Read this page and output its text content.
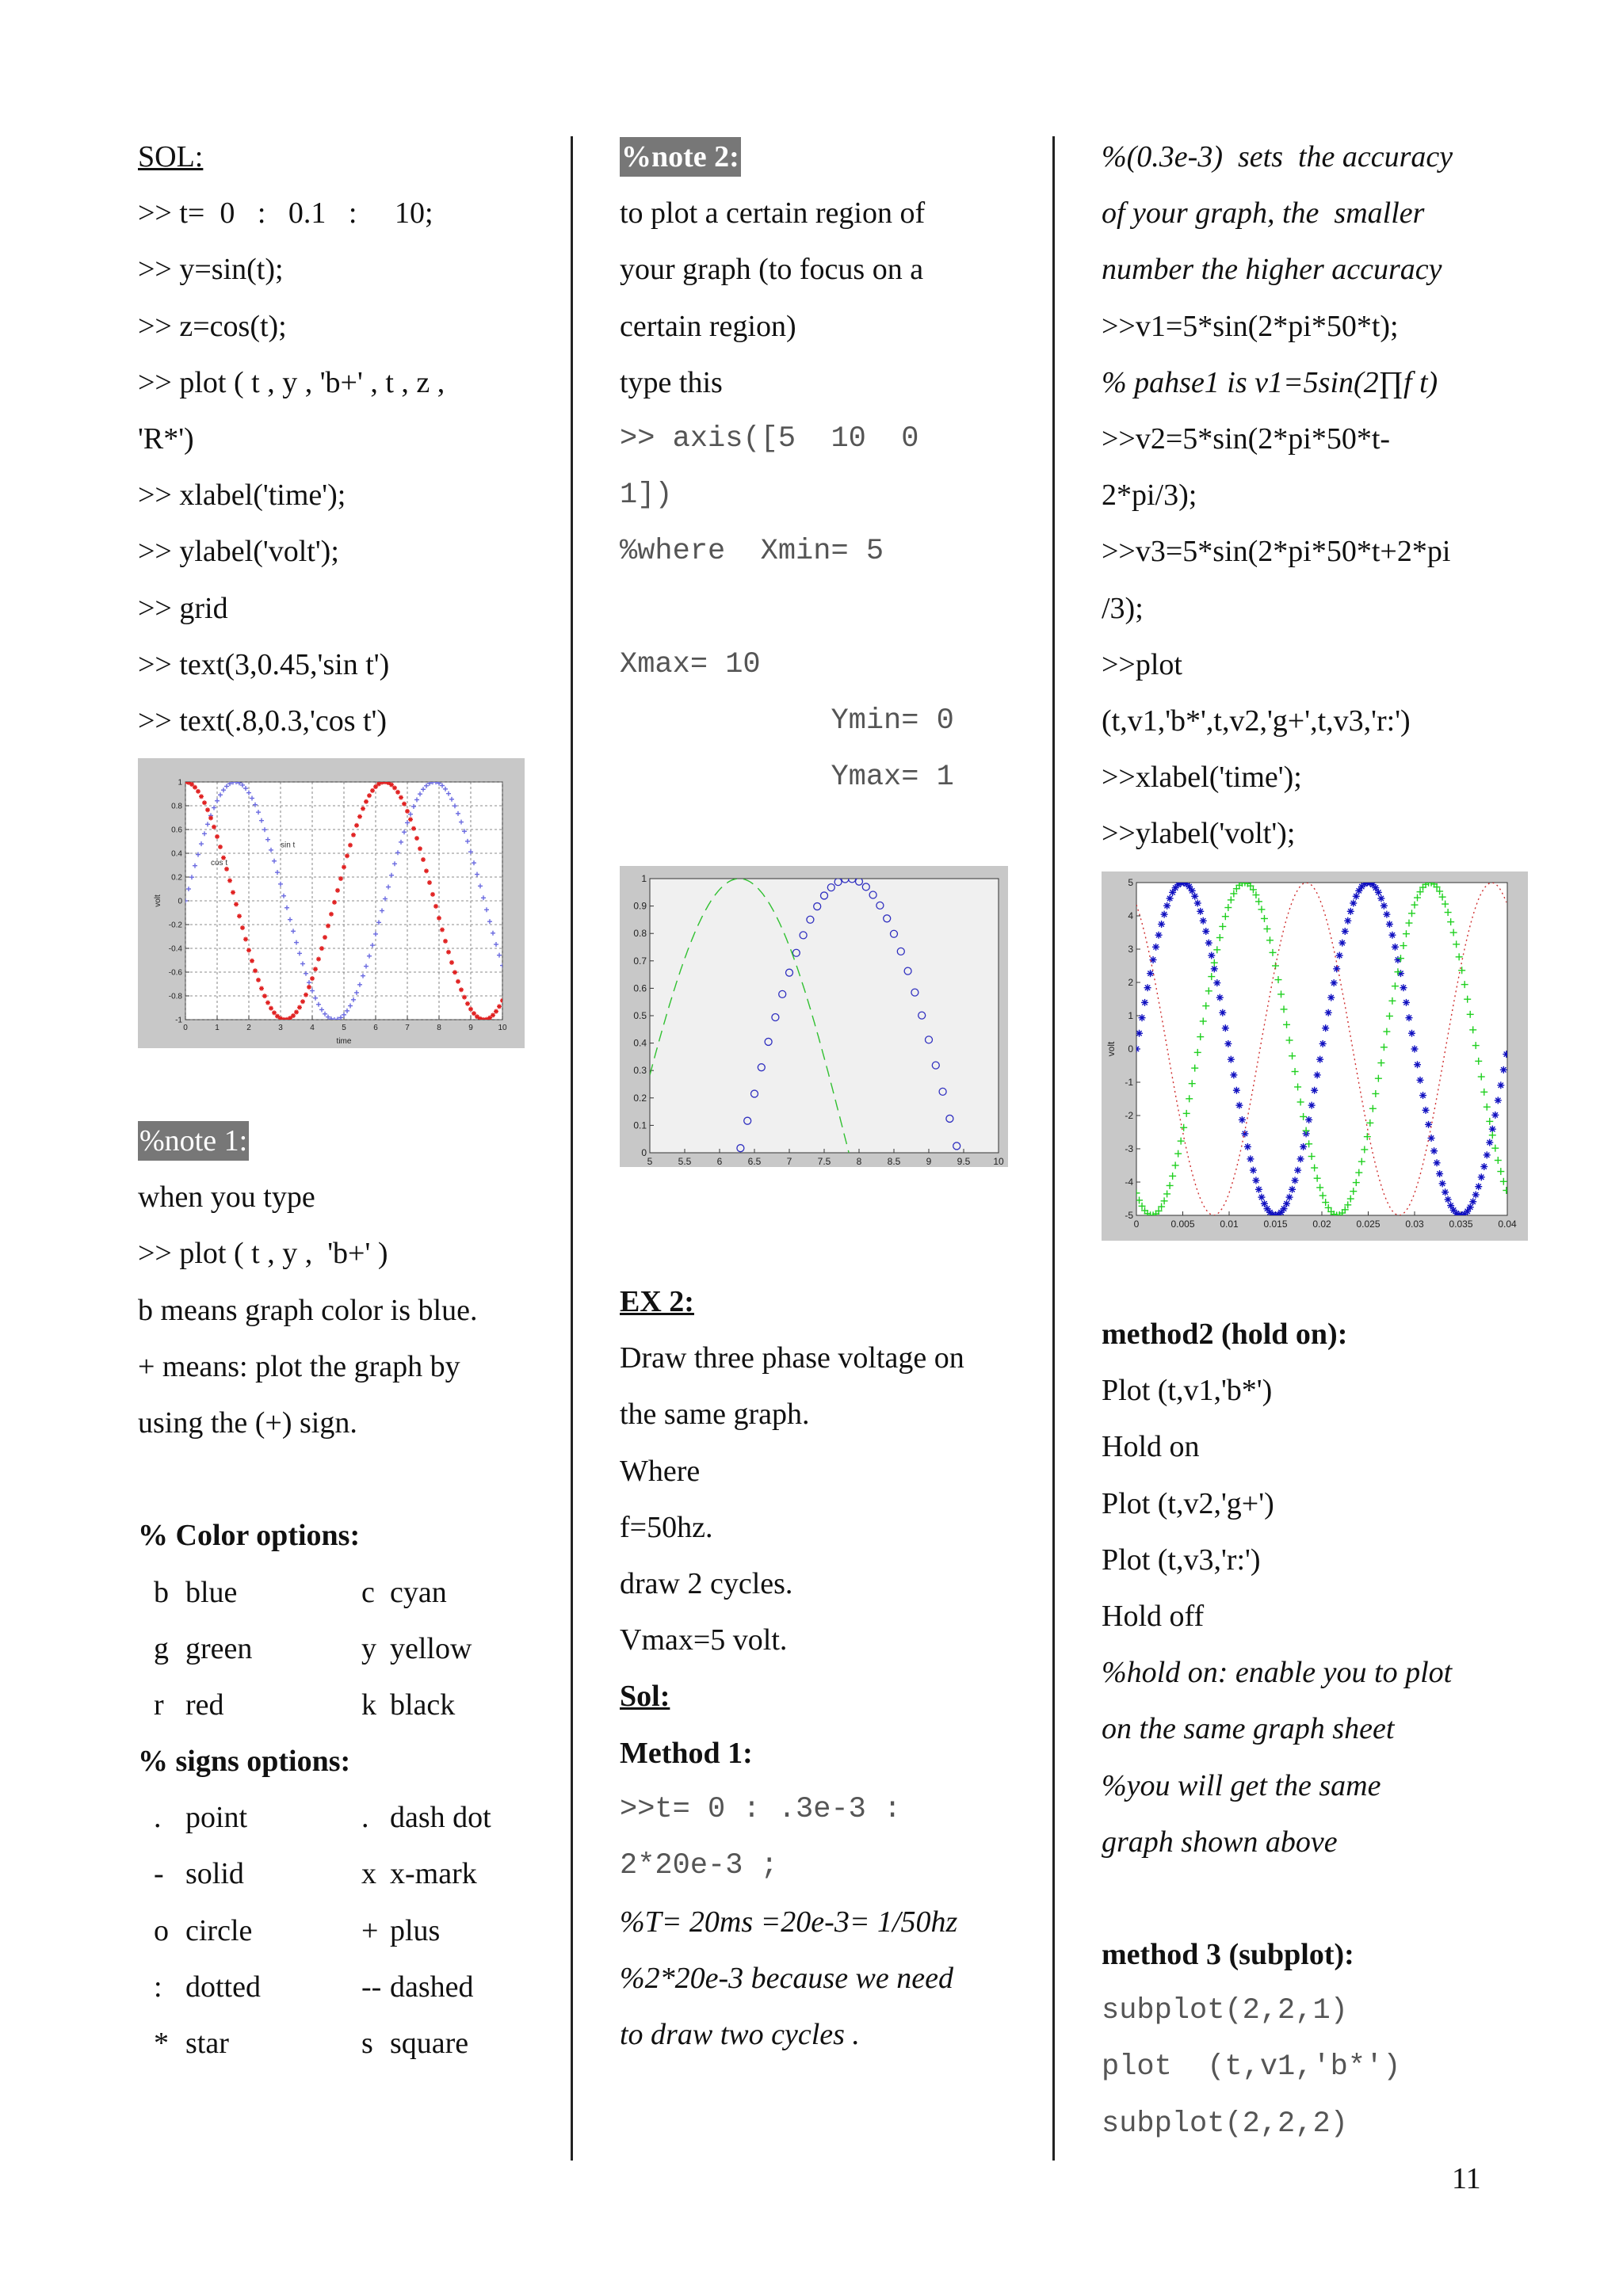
SOL:
>> t=  0   :   0.1   :     10;
>> y=sin(t);
>> z=cos(t);
>> plot ( t , y , 'b+' , t , z ,
'R*')
>> xlabel('time');
>> ylabel('volt');
>> grid
>> text(3,0.45,'sin t')
>> text(.8,0.3,'cos t')
0	1	2	3	4	5	6	7	8	9	10
1
0.8
0.6
0.4
0.2
0
-0.2
-0.4
-0.6
-0.8
-1
time
volt
sin t
cos t
%note 1:
when you type
>> plot ( t , y ,  'b+' )
b means graph color is blue.
+ means: plot the graph by
using the (+) sign.
% Color options:
b blue	c cyan
g green	y yellow
r red	k black
% signs options:
. point	. dash dot
- solid	x x-mark
o circle	+ plus
: dotted	-- dashed
* star	s square
%note 2:
to plot a certain region of
your graph (to focus on a
certain region)
type this
>> axis([5  10  0
1])
%where  Xmin= 5
Xmax= 10
Ymin= 0
Ymax= 1
5	5.5	6	6.5	7	7.5	8	8.5	9	9.5 10
1
0.9
0.8
0.7
0.6
0.5
0.4
0.3
0.2
0.1
0
EX 2:
Draw three phase voltage on
the same graph.
Where
f=50hz.
draw 2 cycles.
Vmax=5 volt.
Sol:
Method 1:
>>t= 0 : .3e-3 :
2*20e-3 ;
%T= 20ms =20e-3= 1/50hz
%2*20e-3 because we need
to draw two cycles .
%(0.3e-3)  sets  the accuracy
of your graph, the  smaller
number the higher accuracy
>>v1=5*sin(2*pi*50*t);
% pahse1 is v1=5sin(2∏f t)
>>v2=5*sin(2*pi*50*t-
2*pi/3);
>>v3=5*sin(2*pi*50*t+2*pi
/3);
>>plot
(t,v1,'b*',t,v2,'g+',t,v3,'r:')
>>xlabel('time');
>>ylabel('volt');
0	0.005	0.01	0.015	0.02	0.025	0.03	0.035	0.04
5
4
3
2
1
0
-1
-2
-3
-4
-5
volt
method2 (hold on):
Plot (t,v1,'b*')
Hold on
Plot (t,v2,'g+')
Plot (t,v3,'r:')
Hold off
%hold on: enable you to plot
on the same graph sheet
%you will get the same
graph shown above
method 3 (subplot):
subplot(2,2,1)
plot  (t,v1,'b*')
subplot(2,2,2)
11
